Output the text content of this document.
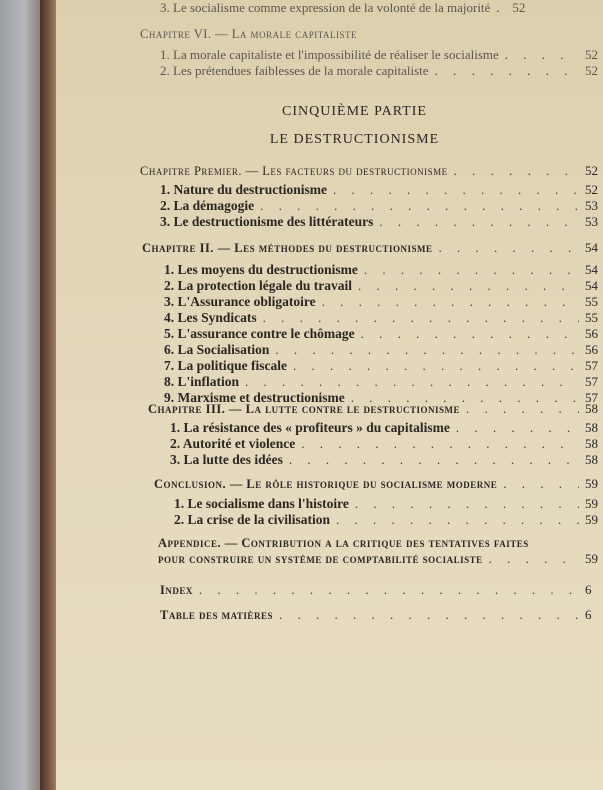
3. Le socialisme comme expression de la volonté de la majorité . . . 52
Chapitre VI. — La morale capitaliste
1. La morale capitaliste et l'impossibilité de réaliser le socialisme . . .	52
2. Les prétendues faiblesses de la morale capitaliste . . .	52
CINQUIÈME PARTIE
LE DESTRUCTIONISME
Chapitre Premier. — Les facteurs du destructionisme . . .	52
1. Nature du destructionisme . . .	52
2. La démagogie . . .	53
3. Le destructionisme des littérateurs . . .	53
Chapitre II. — Les méthodes du destructionisme . . .	54
1. Les moyens du destructionisme . . .	54
2. La protection légale du travail . . .	54
3. L'Assurance obligatoire . . .	55
4. Les Syndicats . . .	55
5. L'assurance contre le chômage . . .	56
6. La Socialisation . . .	56
7. La politique fiscale . . .	57
8. L'inflation . . .	57
9. Marxisme et destructionisme . . .	57
Chapitre III. — La lutte contre le destructionisme . . .	58
1. La résistance des « profiteurs » du capitalisme . . .	58
2. Autorité et violence . . .	58
3. La lutte des idées . . .	58
Conclusion. — Le rôle historique du socialisme moderne . . .	59
1. Le socialisme dans l'histoire . . .	59
2. La crise de la civilisation . . .	59
Appendice. — Contribution a la critique des tentatives faites
pour construire un système de comptabilité socialiste . . .	59
Index . . .	6
Table des matières . . .	6
